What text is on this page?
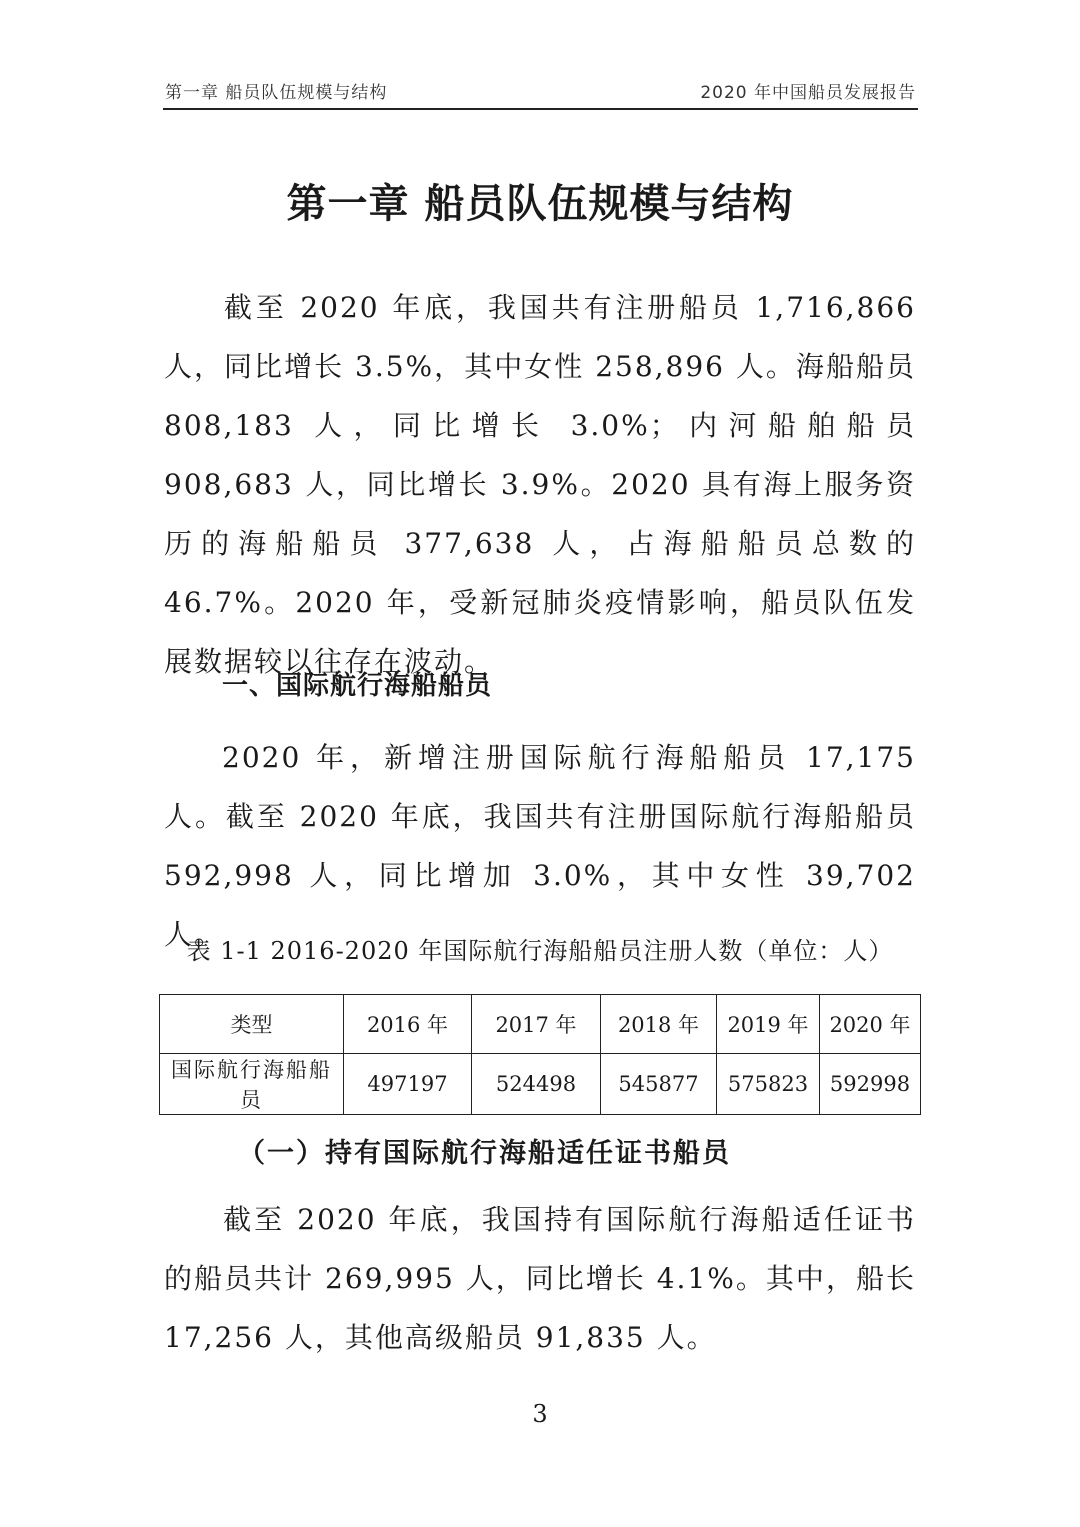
第一章 船员队伍规模与结构	2020 年中国船员发展报告
第一章 船员队伍规模与结构

截至 2020 年底，我国共有注册船员 1,716,866 人，同比增长 3.5%，其中女性 258,896 人。海船船员 808,183 人，同比增长 3.0%；内河船舶船员 908,683 人，同比增长 3.9%。2020 具有海上服务资历的海船船员 377,638 人，占海船船员总数的 46.7%。2020 年，受新冠肺炎疫情影响，船员队伍发展数据较以往存在波动。

一、国际航行海船船员

2020 年，新增注册国际航行海船船员 17,175 人。截至 2020 年底，我国共有注册国际航行海船船员 592,998 人，同比增加 3.0%，其中女性 39,702 人。

表 1-1 2016-2020 年国际航行海船船员注册人数（单位：人）
类型	2016 年	2017 年	2018 年	2019 年	2020 年
国际航行海船船员	497197	524498	545877	575823	592998
（一）持有国际航行海船适任证书船员

截至 2020 年底，我国持有国际航行海船适任证书的船员共计 269,995 人，同比增长 4.1%。其中，船长 17,256 人，其他高级船员 91,835 人。

3
